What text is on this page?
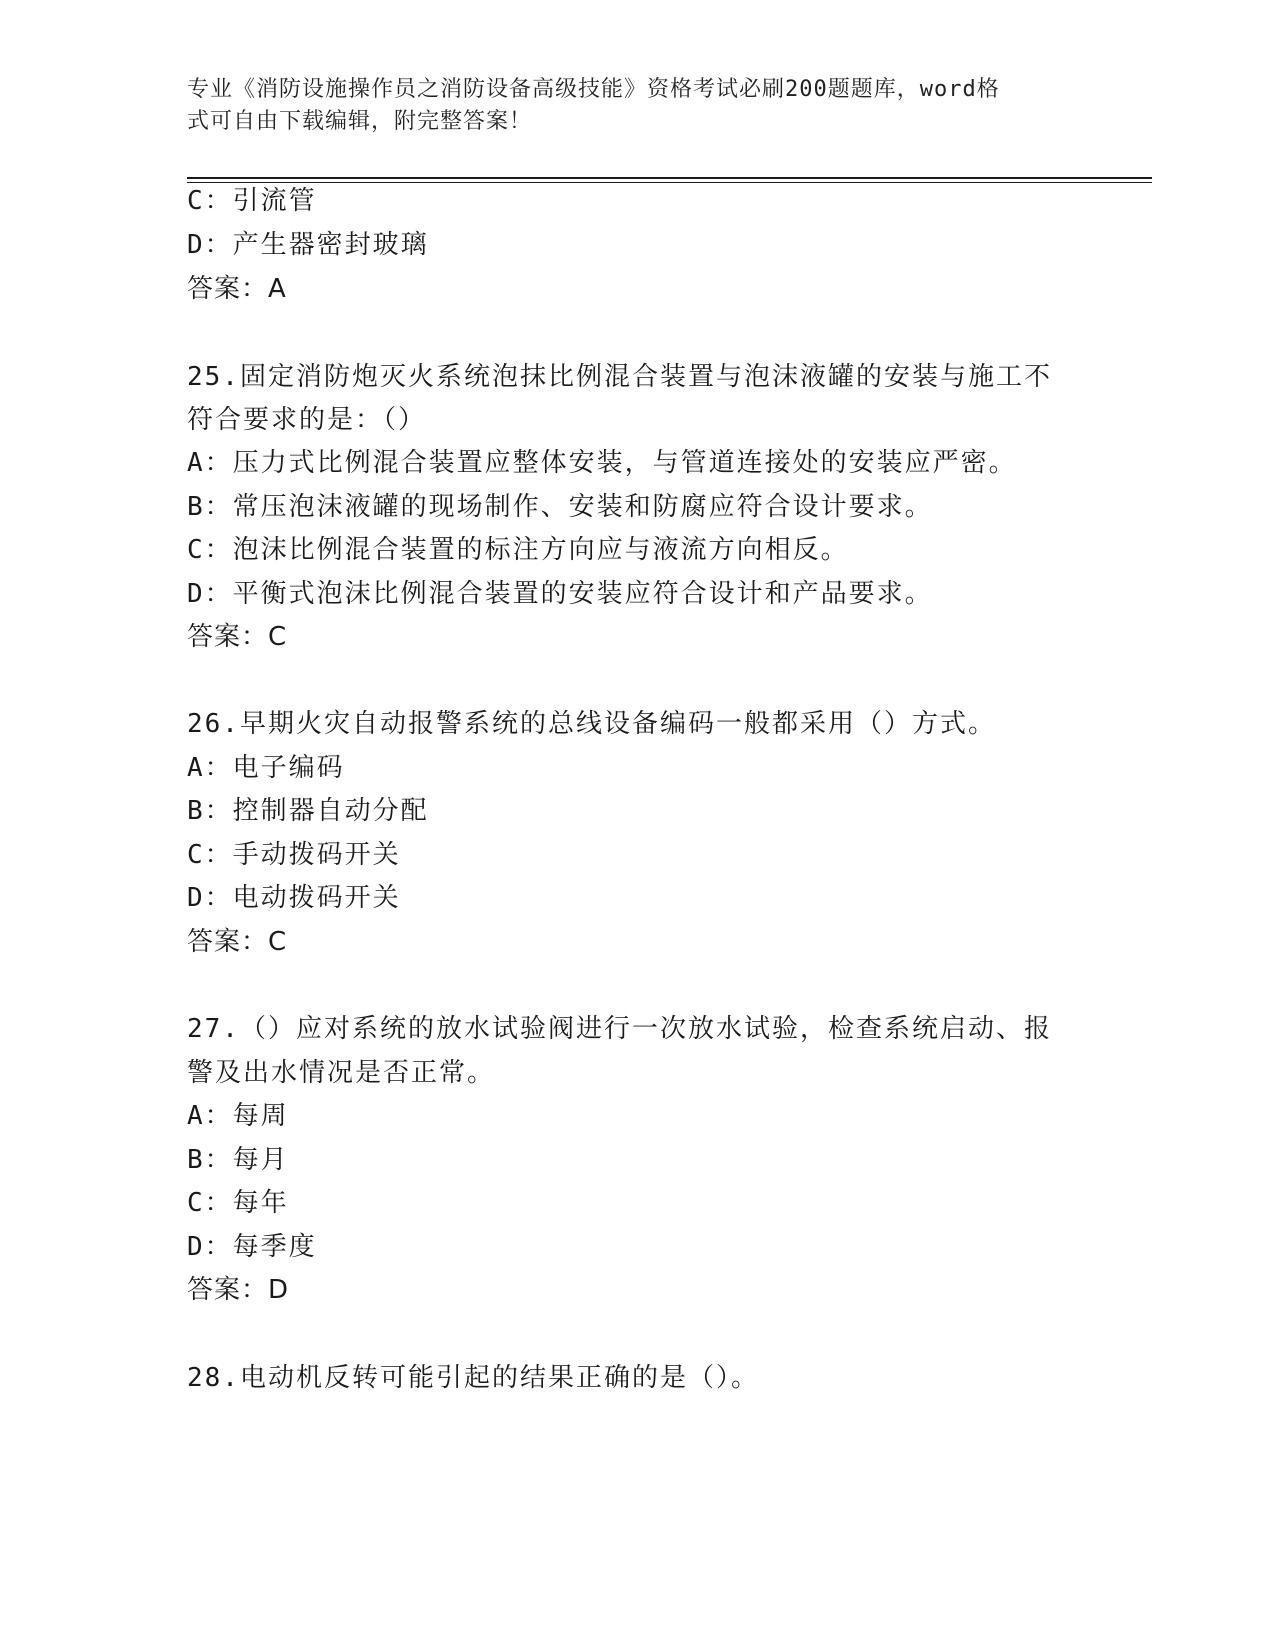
专业《消防设施操作员之消防设备高级技能》资格考试必刷200题题库，word格
式可自由下载编辑，附完整答案！
C：引流管
D：产生器密封玻璃
答案：A
25.固定消防炮灭火系统泡抹比例混合装置与泡沫液罐的安装与施工不
符合要求的是：（）
A：压力式比例混合装置应整体安装，与管道连接处的安装应严密。
B：常压泡沫液罐的现场制作、安装和防腐应符合设计要求。
C：泡沫比例混合装置的标注方向应与液流方向相反。
D：平衡式泡沫比例混合装置的安装应符合设计和产品要求。
答案：C
26.早期火灾自动报警系统的总线设备编码一般都采用（）方式。
A：电子编码
B：控制器自动分配
C：手动拨码开关
D：电动拨码开关
答案：C
27.（）应对系统的放水试验阀进行一次放水试验，检查系统启动、报
警及出水情况是否正常。
A：每周
B：每月
C：每年
D：每季度
答案：D
28.电动机反转可能引起的结果正确的是（）。
